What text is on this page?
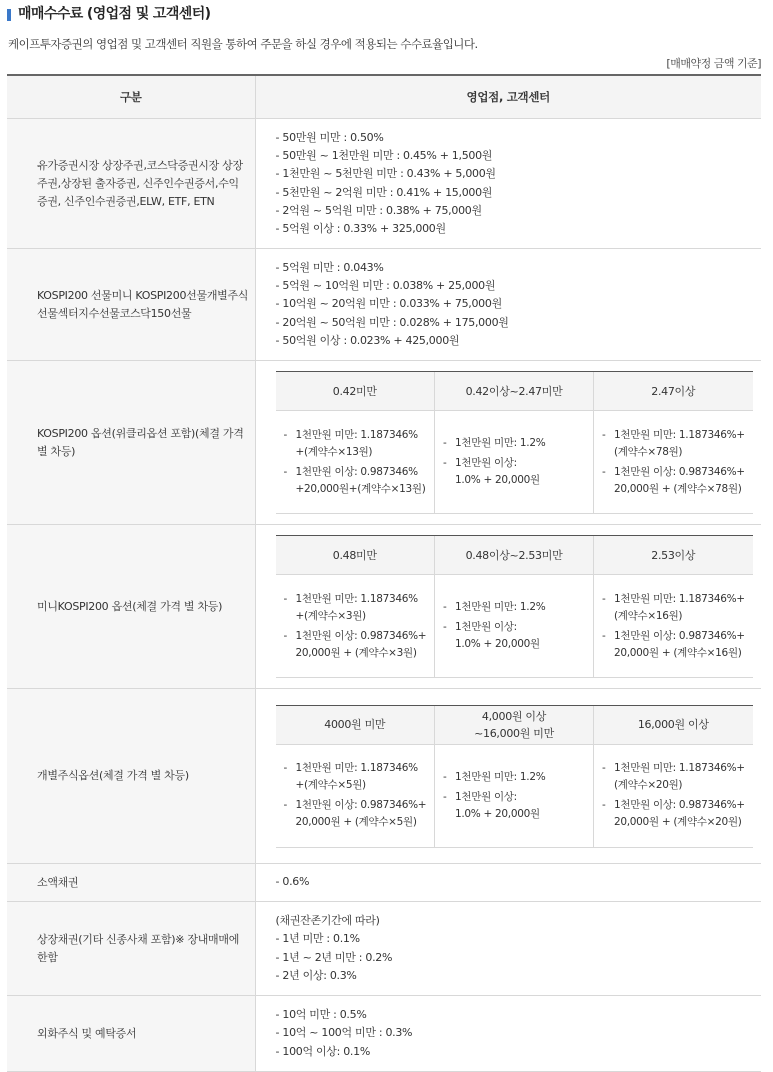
매매수수료 (영업점 및 고객센터)
케이프투자증권의 영업점 및 고객센터 직원을 통하여 주문을 하실 경우에 적용되는 수수료율입니다.
[매매약정 금액 기준]
구분	영업점, 고객센터
유가증권시장 상장주권,코스닥증권시장 상장 주권,상장된 출자증권, 신주인수권증서,수익증권, 신주인수권증권,ELW, ETF, ETN	
- 50만원 미만 : 0.50%
- 50만원 ~ 1천만원 미만 : 0.45% + 1,500원
- 1천만원 ~ 5천만원 미만 : 0.43% + 5,000원
- 5천만원 ~ 2억원 미만 : 0.41% + 15,000원
- 2억원 ~ 5억원 미만 : 0.38% + 75,000원
- 5억원 이상 : 0.33% + 325,000원

KOSPI200 선물미니 KOSPI200선물개별주식선물섹터지수선물코스닥150선물	
- 5억원 미만 : 0.043%
- 5억원 ~ 10억원 미만 : 0.038% + 25,000원
- 10억원 ~ 20억원 미만 : 0.033% + 75,000원
- 20억원 ~ 50억원 미만 : 0.028% + 175,000원
- 50억원 이상 : 0.023% + 425,000원

KOSPI200 옵션(위클리옵션 포함)(체결 가격 별 차등)	
0.42미만	0.42이상~2.47미만	2.47이상

- 1천만원 미만: 1.187346%
+(계약수×13원)
- 1천만원 이상: 0.987346%
+20,000원+(계약수×13원)

- 1천만원 미만: 1.2%
- 1천만원 이상:
1.0% + 20,000원

- 1천만원 미만: 1.187346%+
(계약수×78원)
- 1천만원 이상: 0.987346%+
20,000원 + (계약수×78원)

미니KOSPI200 옵션(체결 가격 별 차등)	
0.48미만	0.48이상~2.53미만	2.53이상

- 1천만원 미만: 1.187346%
+(계약수×3원)
- 1천만원 이상: 0.987346%+
20,000원 + (계약수×3원)

- 1천만원 미만: 1.2%
- 1천만원 이상:
1.0% + 20,000원

- 1천만원 미만: 1.187346%+
(계약수×16원)
- 1천만원 이상: 0.987346%+
20,000원 + (계약수×16원)

개별주식옵션(체결 가격 별 차등)	
4000원 미만

4,000원 이상
~16,000원 미만

16,000원 이상

- 1천만원 미만: 1.187346%
+(계약수×5원)
- 1천만원 이상: 0.987346%+
20,000원 + (계약수×5원)

- 1천만원 미만: 1.2%
- 1천만원 이상:
1.0% + 20,000원

- 1천만원 미만: 1.187346%+
(계약수×20원)
- 1천만원 이상: 0.987346%+
20,000원 + (계약수×20원)

소액채권	- 0.6%

상장채권(기타 신종사채 포함)※ 장내매매에 한함	
(채권잔존기간에 따라)
- 1년 미만 : 0.1%
- 1년 ~ 2년 미만 : 0.2%
- 2년 이상: 0.3%

외화주식 및 예탁증서	
- 10억 미만 : 0.5%
- 10억 ~ 100억 미만 : 0.3%
- 100억 이상: 0.1%
